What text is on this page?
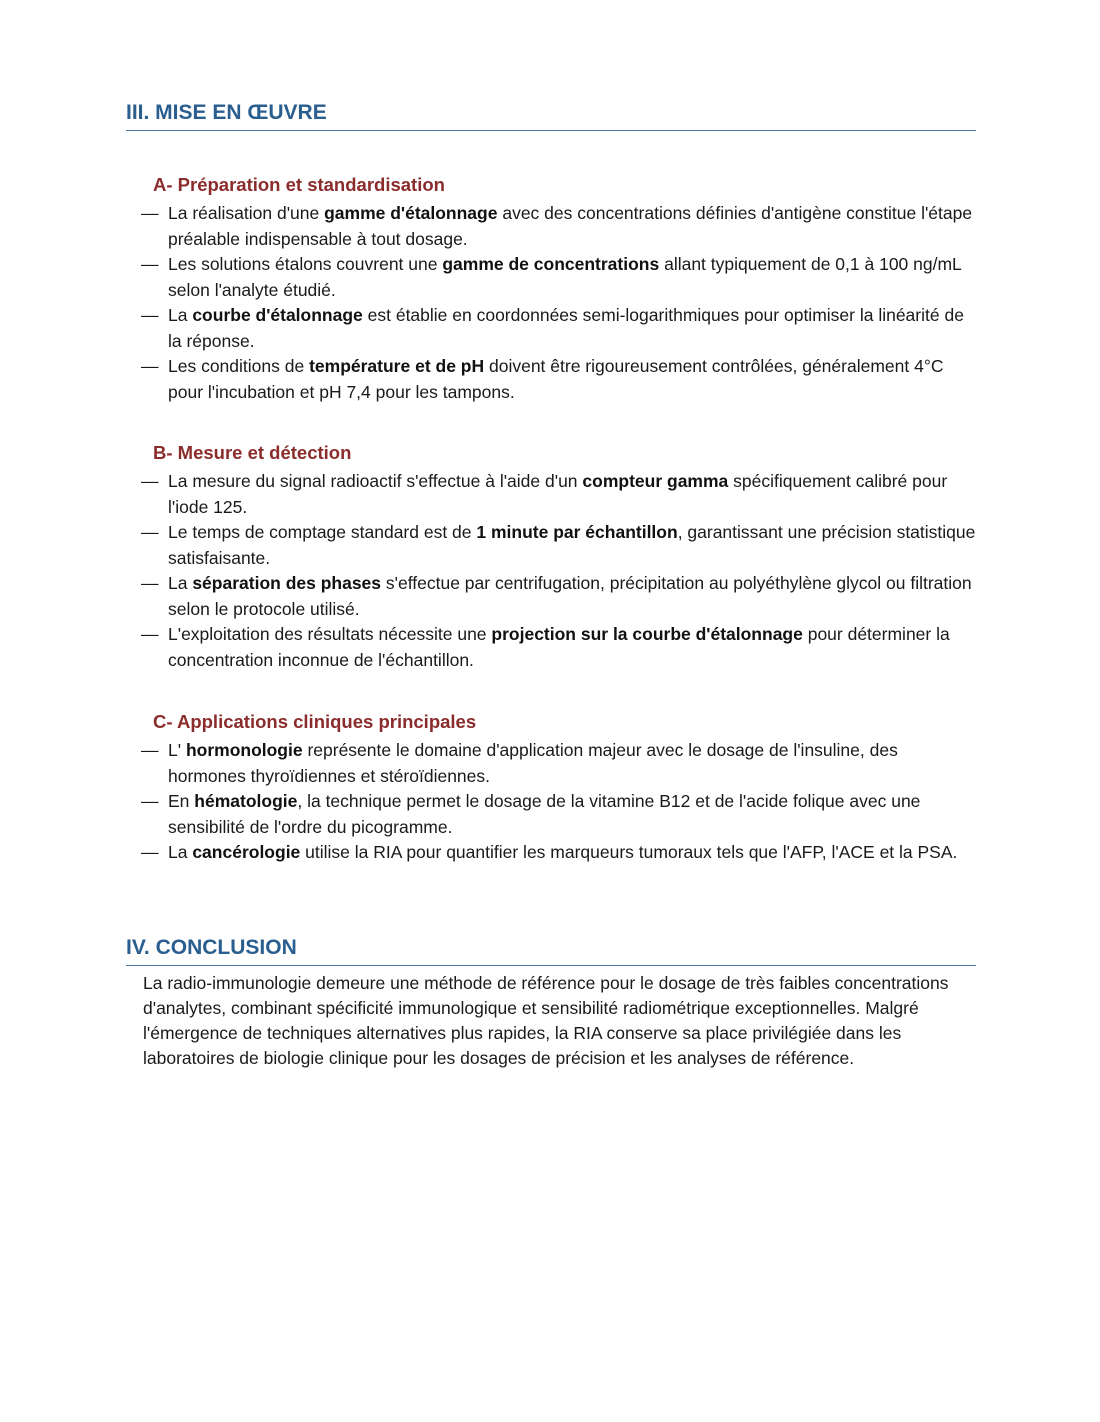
III. MISE EN ŒUVRE
A- Préparation et standardisation
— La réalisation d'une gamme d'étalonnage avec des concentrations définies d'antigène constitue l'étape préalable indispensable à tout dosage.
— Les solutions étalons couvrent une gamme de concentrations allant typiquement de 0,1 à 100 ng/mL selon l'analyte étudié.
— La courbe d'étalonnage est établie en coordonnées semi-logarithmiques pour optimiser la linéarité de la réponse.
— Les conditions de température et de pH doivent être rigoureusement contrôlées, généralement 4°C pour l'incubation et pH 7,4 pour les tampons.
B- Mesure et détection
— La mesure du signal radioactif s'effectue à l'aide d'un compteur gamma spécifiquement calibré pour l'iode 125.
— Le temps de comptage standard est de 1 minute par échantillon, garantissant une précision statistique satisfaisante.
— La séparation des phases s'effectue par centrifugation, précipitation au polyéthylène glycol ou filtration selon le protocole utilisé.
— L'exploitation des résultats nécessite une projection sur la courbe d'étalonnage pour déterminer la concentration inconnue de l'échantillon.
C- Applications cliniques principales
— L' hormonologie représente le domaine d'application majeur avec le dosage de l'insuline, des hormones thyroïdiennes et stéroïdiennes.
— En hématologie, la technique permet le dosage de la vitamine B12 et de l'acide folique avec une sensibilité de l'ordre du picogramme.
— La cancérologie utilise la RIA pour quantifier les marqueurs tumoraux tels que l'AFP, l'ACE et la PSA.
IV. CONCLUSION

La radio-immunologie demeure une méthode de référence pour le dosage de très faibles concentrations d'analytes, combinant spécificité immunologique et sensibilité radiométrique exceptionnelles. Malgré l'émergence de techniques alternatives plus rapides, la RIA conserve sa place privilégiée dans les laboratoires de biologie clinique pour les dosages de précision et les analyses de référence.
